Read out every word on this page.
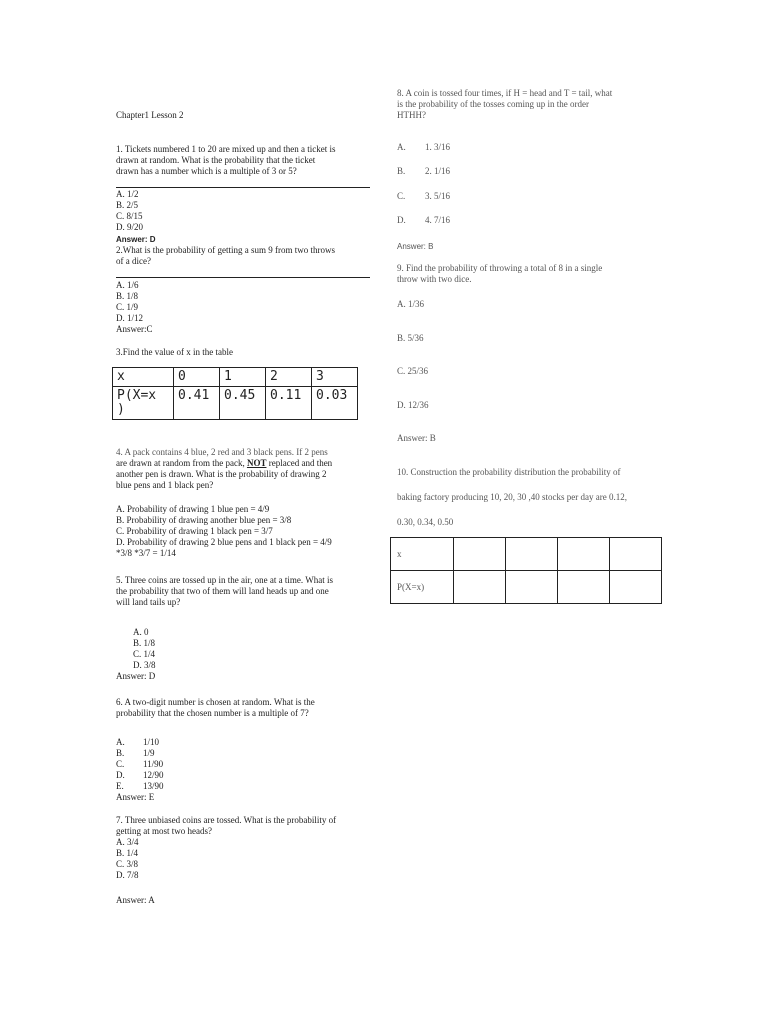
Chapter1 Lesson 2
1. Tickets numbered 1 to 20 are mixed up and then a ticket is
drawn at random. What is the probability that the ticket
drawn has a number which is a multiple of 3 or 5?
A. 1/2
B. 2/5
C. 8/15
D. 9/20
Answer: D
2.What is the probability of getting a sum 9 from two throws
of a dice?
A. 1/6
B. 1/8
C. 1/9
D. 1/12
Answer:C
3.Find the value of x in the table
x	0	1	2	3

P(X=x
)	0.41	0.45	0.11	0.03
4. A pack contains 4 blue, 2 red and 3 black pens. If 2 pens
are drawn at random from the pack, NOT replaced and then
another pen is drawn. What is the probability of drawing 2
blue pens and 1 black pen?
A. Probability of drawing 1 blue pen = 4/9
B. Probability of drawing another blue pen = 3/8
C. Probability of drawing 1 black pen = 3/7
D. Probability of drawing 2 blue pens and 1 black pen = 4/9
*3/8 *3/7 = 1/14
5. Three coins are tossed up in the air, one at a time. What is
the probability that two of them will land heads up and one
will land tails up?
A. 0
B. 1/8
C. 1/4
D. 3/8
Answer: D
6. A two-digit number is chosen at random. What is the
probability that the chosen number is a multiple of 7?
A.
B.
C.
D.
E.
1/10
1/9
11/90
12/90
13/90
Answer: E
7. Three unbiased coins are tossed. What is the probability of
getting at most two heads?
A. 3/4
B. 1/4
C. 3/8
D. 7/8
Answer: A
8. A coin is tossed four times, if H = head and T = tail, what
is the probability of the tosses coming up in the order
HTHH?
A.
B.
C.
D.
1. 3/16
2. 1/16
3. 5/16
4. 7/16
Answer: B
9. Find the probability of throwing a total of 8 in a single
throw with two dice.
A. 1/36
B. 5/36
C. 25/36
D. 12/36
Answer: B
10. Construction the probability distribution the probability of
baking factory producing 10, 20, 30 ,40 stocks per day are 0.12,
0.30, 0.34, 0.50
x				
P(X=x)				
